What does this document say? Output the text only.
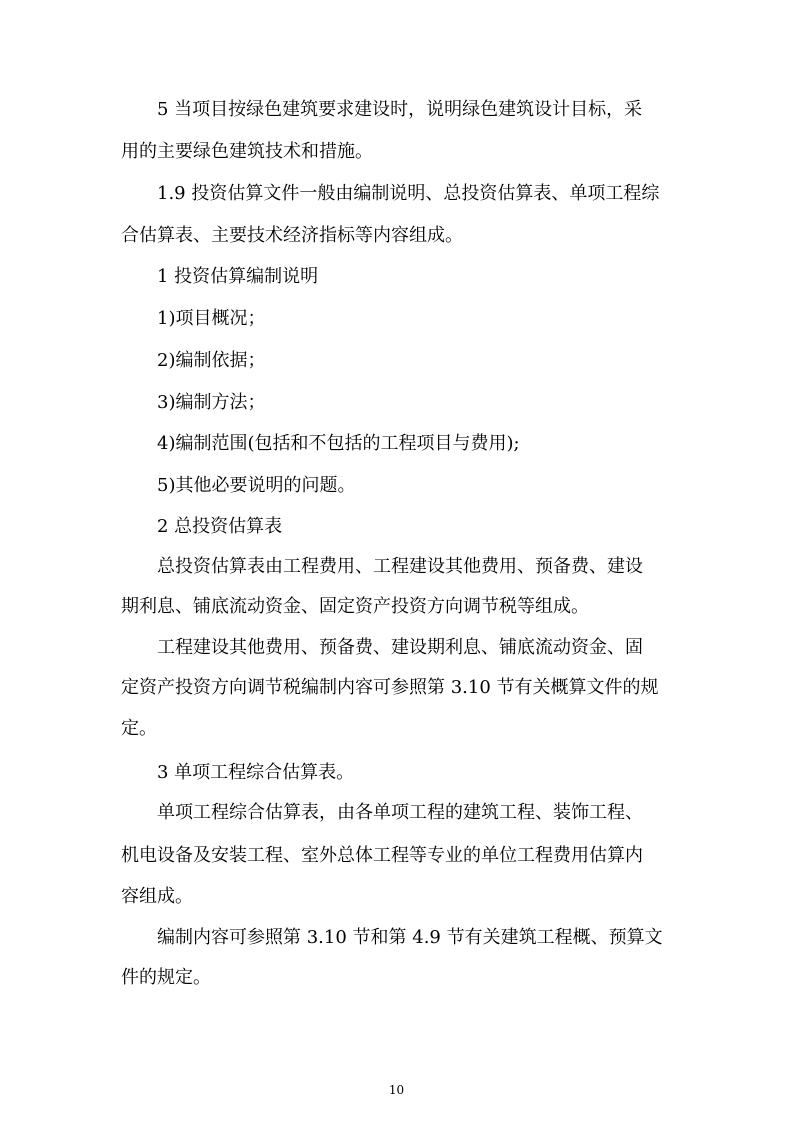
5 当项目按绿色建筑要求建设时，说明绿色建筑设计目标，采
用的主要绿色建筑技术和措施。
1.9 投资估算文件一般由编制说明、总投资估算表、单项工程综
合估算表、主要技术经济指标等内容组成。
1 投资估算编制说明
1)项目概况；
2)编制依据；
3)编制方法；
4)编制范围(包括和不包括的工程项目与费用);
5)其他必要说明的问题。
2 总投资估算表
总投资估算表由工程费用、工程建设其他费用、预备费、建设
期利息、铺底流动资金、固定资产投资方向调节税等组成。
工程建设其他费用、预备费、建设期利息、铺底流动资金、固
定资产投资方向调节税编制内容可参照第 3.10 节有关概算文件的规
定。
3 单项工程综合估算表。
单项工程综合估算表，由各单项工程的建筑工程、装饰工程、
机电设备及安装工程、室外总体工程等专业的单位工程费用估算内
容组成。
编制内容可参照第 3.10 节和第 4.9 节有关建筑工程概、预算文
件的规定。
10
